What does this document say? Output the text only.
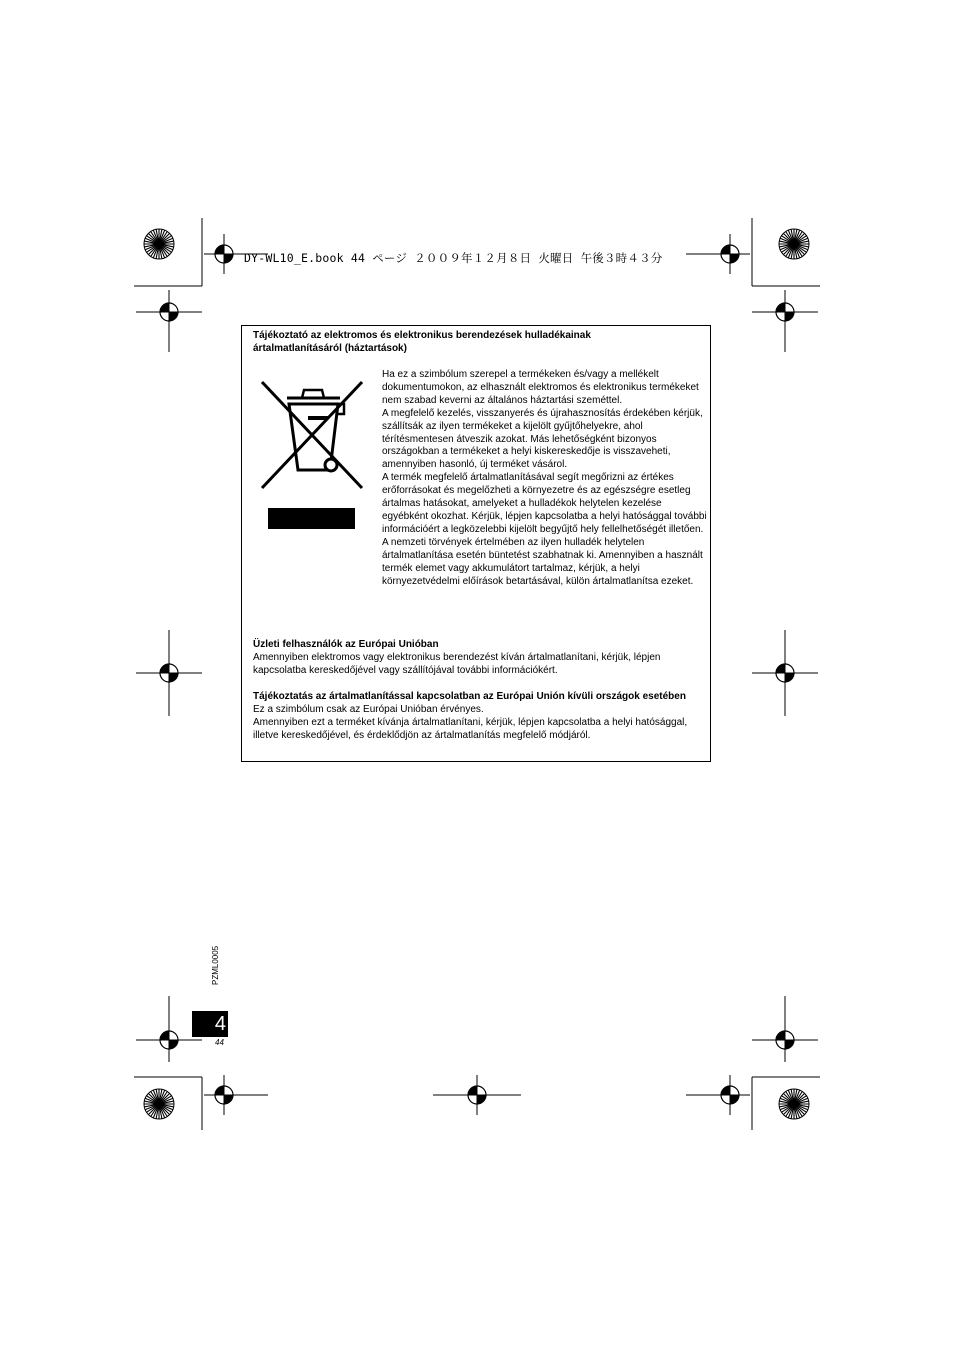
DY-WL10_E.book 44 ページ ２００９年１２月８日 火曜日 午後３時４３分
Tájékoztató az elektromos és elektronikus berendezések hulladékainak
ártalmatlanításáról (háztartások)

Ha ez a szimbólum szerepel a termékeken és/vagy a mellékelt dokumentumokon, az elhasznált elektromos és elektronikus termékeket nem szabad keverni az általános háztartási szeméttel.

A megfelelő kezelés, visszanyerés és újrahasznosítás érdekében kérjük, szállítsák az ilyen termékeket a kijelölt gyűjtőhelyekre, ahol térítésmentesen átveszik azokat. Más lehetőségként bizonyos országokban a termékeket a helyi kiskereskedője is visszaveheti, amennyiben hasonló, új terméket vásárol.

A termék megfelelő ártalmatlanításával segít megőrizni az értékes erőforrásokat és megelőzheti a környezetre és az egészségre esetleg ártalmas hatásokat, amelyeket a hulladékok helytelen kezelése egyébként okozhat. Kérjük, lépjen kapcsolatba a helyi hatósággal további információért a legközelebbi kijelölt begyűjtő hely fellelhetőségét illetően.

A nemzeti törvények értelmében az ilyen hulladék helytelen ártalmatlanítása esetén büntetést szabhatnak ki. Amennyiben a használt termék elemet vagy akkumulátort tartalmaz, kérjük, a helyi környezetvédelmi előírások betartásával, külön ártalmatlanítsa ezeket.

Üzleti felhasználók az Európai Unióban

Amennyiben elektromos vagy elektronikus berendezést kíván ártalmatlanítani, kérjük, lépjen kapcsolatba kereskedőjével vagy szállítójával további információkért.

Tájékoztatás az ártalmatlanítással kapcsolatban az Európai Unión kívüli országok esetében

Ez a szimbólum csak az Európai Unióban érvényes.

Amennyiben ezt a terméket kívánja ártalmatlanítani, kérjük, lépjen kapcsolatba a helyi hatósággal, illetve kereskedőjével, és érdeklődjön az ártalmatlanítás megfelelő módjáról.

PZML0005
4
44
